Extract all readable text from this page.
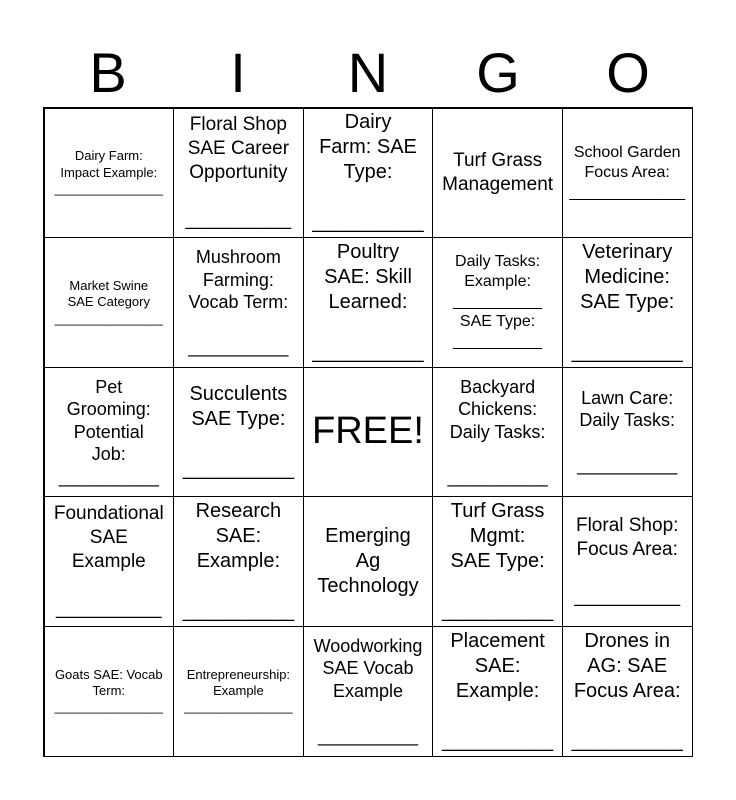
B	I	N	G	O
Dairy Farm:
Impact Example:
_______________
Floral Shop
SAE Career
Opportunity

__________
Dairy
Farm: SAE
Type:

__________
Turf Grass
Management
School Garden
Focus Area:
_____________
Market Swine
SAE Category
_______________
Mushroom
Farming:
Vocab Term:

__________
Poultry
SAE: Skill
Learned:

__________
Daily Tasks:
Example:
__________
SAE Type:
__________
Veterinary
Medicine:
SAE Type:

__________
Pet
Grooming:
Potential
Job:
__________
Succulents
SAE Type:

__________
FREE!
Backyard
Chickens:
Daily Tasks:

__________
Lawn Care:
Daily Tasks:

__________
Foundational
SAE
Example

__________
Research
SAE:
Example:

__________
Emerging
Ag
Technology
Turf Grass
Mgmt:
SAE Type:

__________
Floral Shop:
Focus Area:

__________
Goats SAE: Vocab
Term:
_______________
Entrepreneurship:
Example
_______________
Woodworking
SAE Vocab
Example

__________
Placement
SAE:
Example:

__________
Drones in
AG: SAE
Focus Area:

__________
